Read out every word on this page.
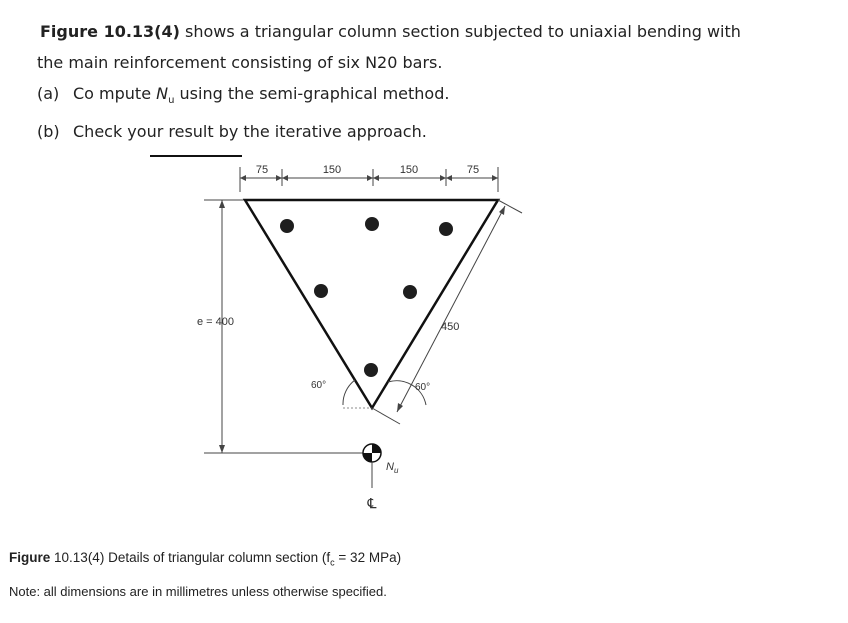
Figure 10.13(4) shows a triangular column section subjected to uniaxial bending with

the main reinforcement consisting of six N20 bars.

(a) Co mpute $N_u$ using the semi-graphical method.

(b) Check your result by the iterative approach.

75	150	150	75
e = 400	450
60°	60°
$N_u$
℄
Figure 10.13(4) Details of triangular column section ($f_c = 32$ MPa)
Note: all dimensions are in millimetres unless otherwise specified.
